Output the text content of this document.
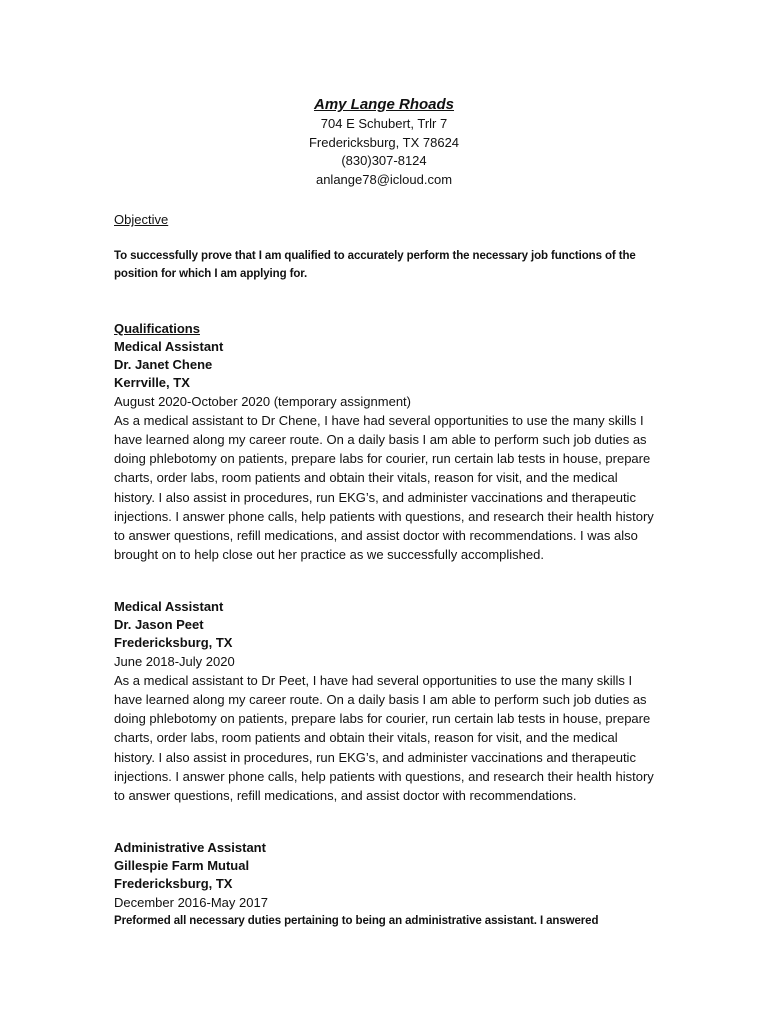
Amy Lange Rhoads
704 E Schubert, Trlr 7
Fredericksburg, TX 78624
(830)307-8124
anlange78@icloud.com
Objective
To successfully prove that I am qualified to accurately perform the necessary job functions of the position for which I am applying for.
Qualifications
Medical Assistant
Dr. Janet Chene
Kerrville, TX
August 2020-October 2020 (temporary assignment)
As a medical assistant to Dr Chene, I have had several opportunities to use the many skills I have learned along my career route. On a daily basis I am able to perform such job duties as doing phlebotomy on patients, prepare labs for courier, run certain lab tests in house, prepare charts, order labs, room patients and obtain their vitals, reason for visit, and the medical history. I also assist in procedures, run EKG’s, and administer vaccinations and therapeutic injections. I answer phone calls, help patients with questions, and research their health history to answer questions, refill medications, and assist doctor with recommendations. I was also brought on to help close out her practice as we successfully accomplished.
Medical Assistant
Dr. Jason Peet
Fredericksburg, TX
June 2018-July 2020
As a medical assistant to Dr Peet, I have had several opportunities to use the many skills I have learned along my career route. On a daily basis I am able to perform such job duties as doing phlebotomy on patients, prepare labs for courier, run certain lab tests in house, prepare charts, order labs, room patients and obtain their vitals, reason for visit, and the medical history. I also assist in procedures, run EKG’s, and administer vaccinations and therapeutic injections. I answer phone calls, help patients with questions, and research their health history to answer questions, refill medications, and assist doctor with recommendations.
Administrative Assistant
Gillespie Farm Mutual
Fredericksburg, TX
December 2016-May 2017
Preformed all necessary duties pertaining to being an administrative assistant. I answered
